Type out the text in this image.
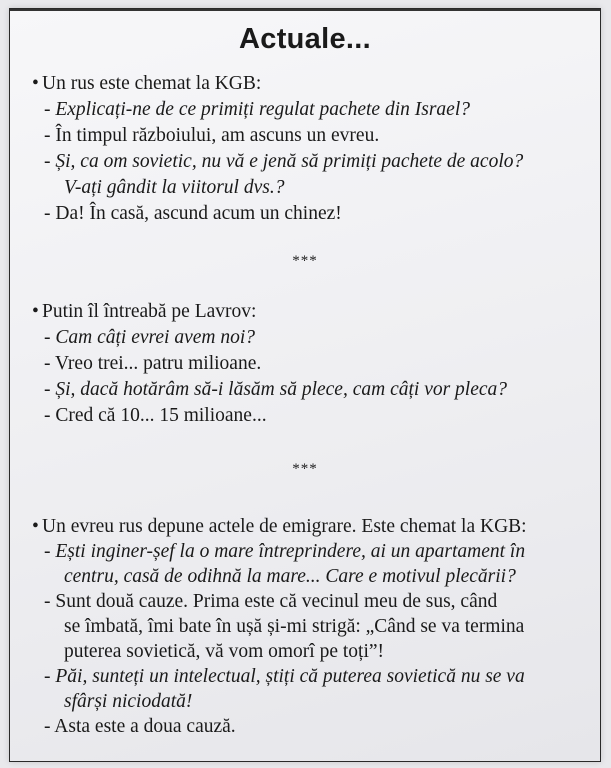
Actuale...
• Un rus este chemat la KGB:
- Explicați-ne de ce primiți regulat pachete din Israel?
- În timpul războiului, am ascuns un evreu.
- Și, ca om sovietic, nu vă e jenă să primiți pachete de acolo?
V-ați gândit la viitorul dvs.?
- Da! În casă, ascund acum un chinez!
***
• Putin îl întreabă pe Lavrov:
- Cam câți evrei avem noi?
- Vreo trei... patru milioane.
- Și, dacă hotărâm să-i lăsăm să plece, cam câți vor pleca?
- Cred că 10... 15 milioane...
***
• Un evreu rus depune actele de emigrare. Este chemat la KGB:
- Ești inginer-șef la o mare întreprindere, ai un apartament în
centru, casă de odihnă la mare... Care e motivul plecării?
- Sunt două cauze. Prima este că vecinul meu de sus, când
se îmbată, îmi bate în ușă și-mi strigă: „Când se va termina
puterea sovietică, vă vom omorî pe toți”!
- Păi, sunteți un intelectual, știți că puterea sovietică nu se va
sfârși niciodată!
- Asta este a doua cauză.
